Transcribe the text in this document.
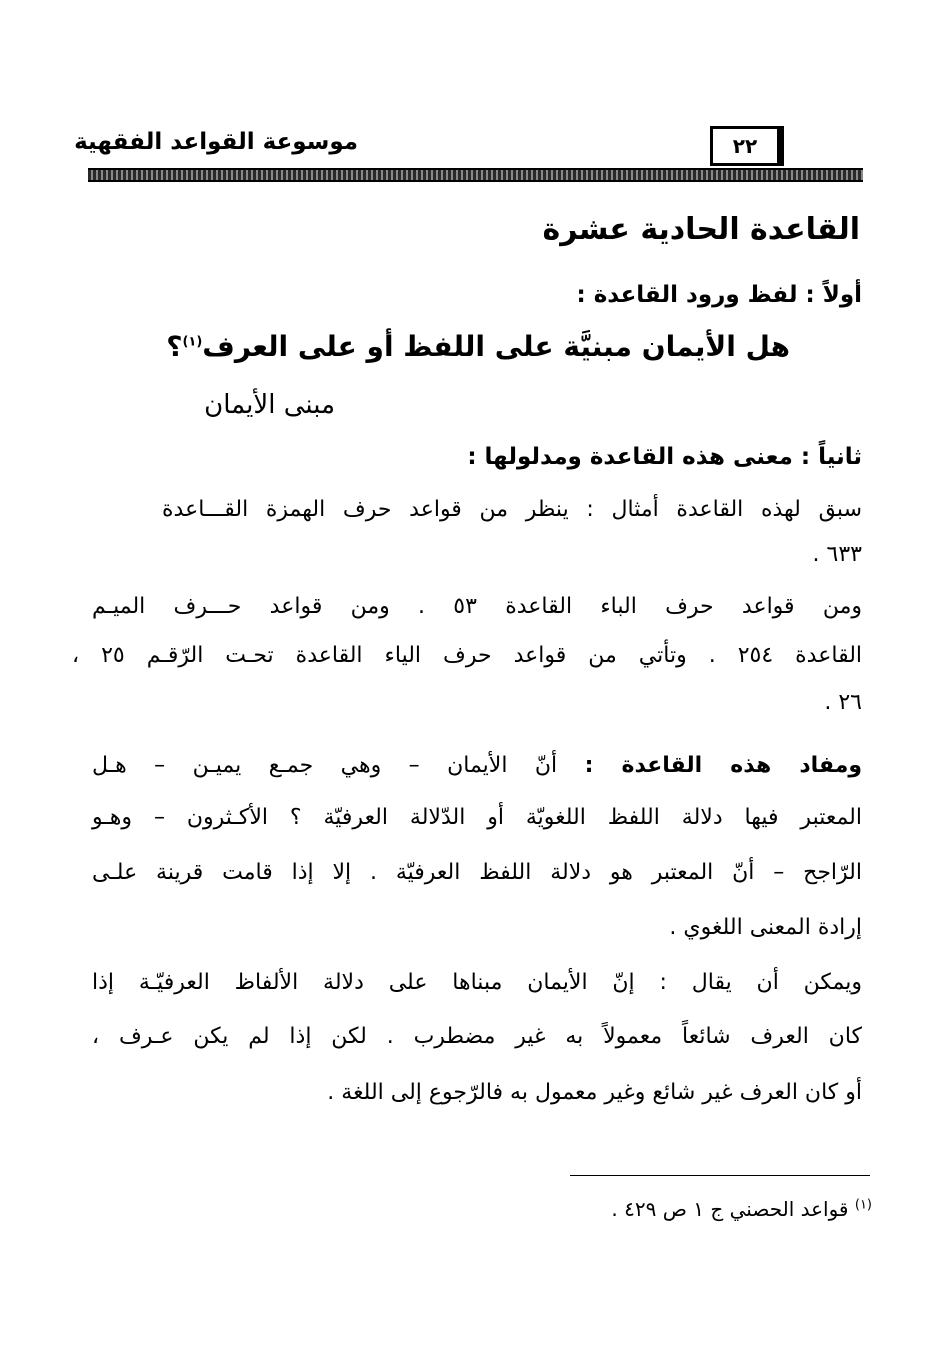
موسوعة القواعد الفقهية	٢٢
القاعدة الحادية عشرة
أولاً : لفظ ورود القاعدة :
هل الأيمان مبنيَّة على اللفظ أو على العرف$^{(١)}$؟
مبنى الأيمان
ثانياً : معنى هذه القاعدة ومدلولها :
سبق لهذه القاعدة أمثال : ينظر من قواعد حرف الهمزة القـــاعدة
٦٣٣ .
ومن قواعد حرف الباء القاعدة ٥٣ . ومن قواعد حـــرف الميـم
القاعدة ٢٥٤ . وتأتي من قواعد حرف الياء القاعدة تحـت الرّقـم ٢٥ ،
٢٦ .
ومفاد هذه القاعدة : أنّ الأيمان – وهي جمـع يميـن – هـل
المعتبر فيها دلالة اللفظ اللغويّة أو الدّلالة العرفيّة ؟ الأكـثرون – وهـو
الرّاجح – أنّ المعتبر هو دلالة اللفظ العرفيّة . إلا إذا قامت قرينة علـى
إرادة المعنى اللغوي .
ويمكن أن يقال : إنّ الأيمان مبناها على دلالة الألفاظ العرفيّـة إذا
كان العرف شائعاً معمولاً به غير مضطرب . لكن إذا لم يكن عـرف ،
أو كان العرف غير شائع وغير معمول به فالرّجوع إلى اللغة .
$^{(١)}$ قواعد الحصني ج ١ ص ٤٢٩ .
